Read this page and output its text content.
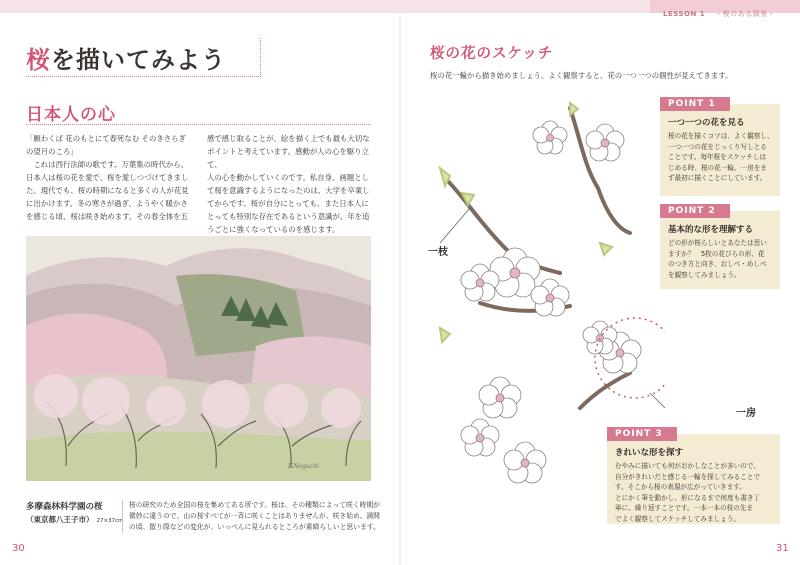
LESSON 1 ・桜のある風景・
桜を描いてみよう
日本人の心
「願わくば 花のもとにて春死なむ そのきさらぎ
の望月のころ」
　これは西行法師の歌です。万葉集の時代から、
日本人は桜の花を愛で、桜を愛しつづけてきまし
た。現代でも、桜の時期になると多くの人が花見
に出かけます。冬の寒さが過ぎ、ようやく暖かさ
を感じる頃、桜は咲き始めます。その春全体を五
感で感じ取ることが、絵を描く上でも最も大切な
ポイントと考えています。感動が人の心を駆り立て、
人の心を動かしていくのです。私自身、画題とし
て桜を意識するようになったのは、大学を卒業し
てからです。桜が自分にとっても、また日本人に
とっても特別な存在であるという意識が、年を追
うごとに強くなっているのを感じます。
F.Noguchi
多摩森林科学園の桜
（東京都八王子市） 27×37cm
桜の研究のため全国の桜を集めてある所です。桜は、その種類によって咲く時期が
微妙に違うので、山の桜すべてが一斉に咲くことはありませんが、咲き始め、満開
の頃、散り際などの変化が、いっぺんに見られるところが素晴らしいと思います。
30
桜の花のスケッチ
桜の花一輪から描き始めましょう。よく観察すると、花の一つ一つの個性が見えてきます。
一枝
一房
POINT 1
一つ一つの花を見る
桜の花を描くコツは、よく観察し、
一つ一つの花をじっくり写しとる
ことです。毎年桜をスケッチしは
じめる時、桜の花一輪、一房をま
ず最初に描くことにしています。
POINT 2
基本的な形を理解する
どの形が桜らしいとあなたは思い
ますか？　5枚の花びらの形、花
のつき方と向き、おしべ・めしべ
を観察してみましょう。
POINT 3
きれいな形を探す
むやみに描いても何がおかしなことが多いので、
自分がきれいだと感じる一輪を探してみることで
す。そこから桜の表現が広がっていきます。
とにかく筆を動かし、形になるまで何度も書き丁
寧に、繰り返すことです。一本一本の枝の先ま
でよく観察してスケッチしてみましょう。
31
